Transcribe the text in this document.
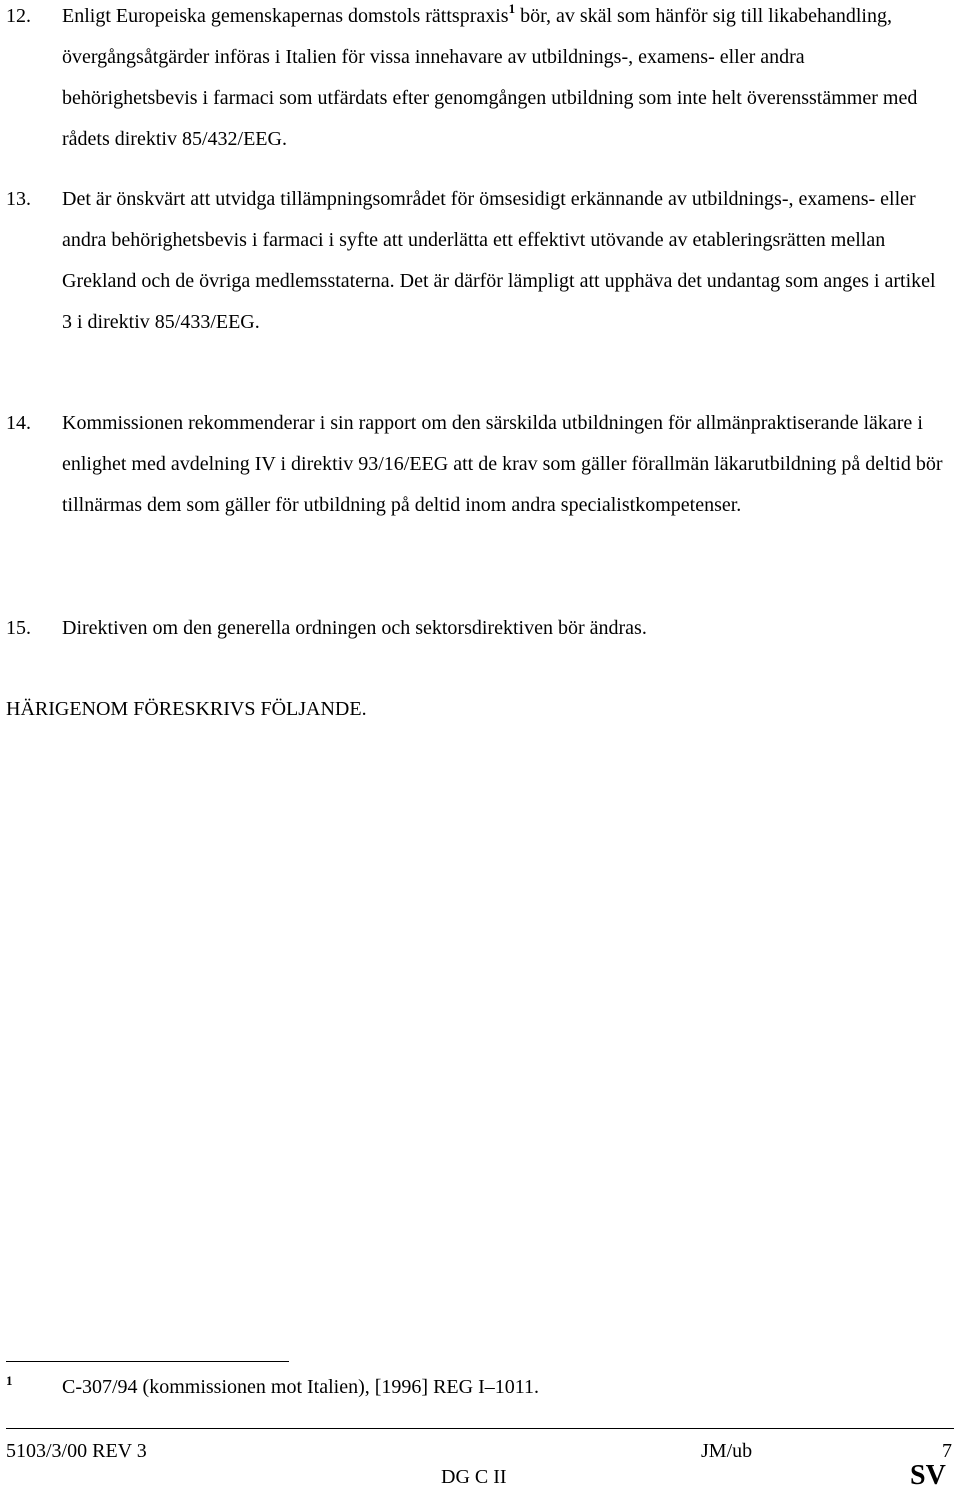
12. Enligt Europeiska gemenskapernas domstols rättspraxis$^1$ bör, av skäl som hänför sig till likabehandling, övergångsåtgärder införas i Italien för vissa innehavare av utbildnings-, examens- eller andra behörighetsbevis i farmaci som utfärdats efter genomgången utbildning som inte helt överensstämmer med rådets direktiv 85/432/EEG.
13. Det är önskvärt att utvidga tillämpningsområdet för ömsesidigt erkännande av utbildnings-, examens- eller andra behörighetsbevis i farmaci i syfte att underlätta ett effektivt utövande av etableringsrätten mellan Grekland och de övriga medlemsstaterna. Det är därför lämpligt att upphäva det undantag som anges i artikel 3 i direktiv 85/433/EEG.
14. Kommissionen rekommenderar i sin rapport om den särskilda utbildningen för allmänpraktiserande läkare i enlighet med avdelning IV i direktiv 93/16/EEG att de krav som gäller förallmän läkarutbildning på deltid bör tillnärmas dem som gäller för utbildning på deltid inom andra specialistkompetenser.
15. Direktiven om den generella ordningen och sektorsdirektiven bör ändras.
HÄRIGENOM FÖRESKRIVS FÖLJANDE.
1 C-307/94 (kommissionen mot Italien), [1996] REG I–1011.
5103/3/00 REV 3	JM/ub	7
DG C II	SV
